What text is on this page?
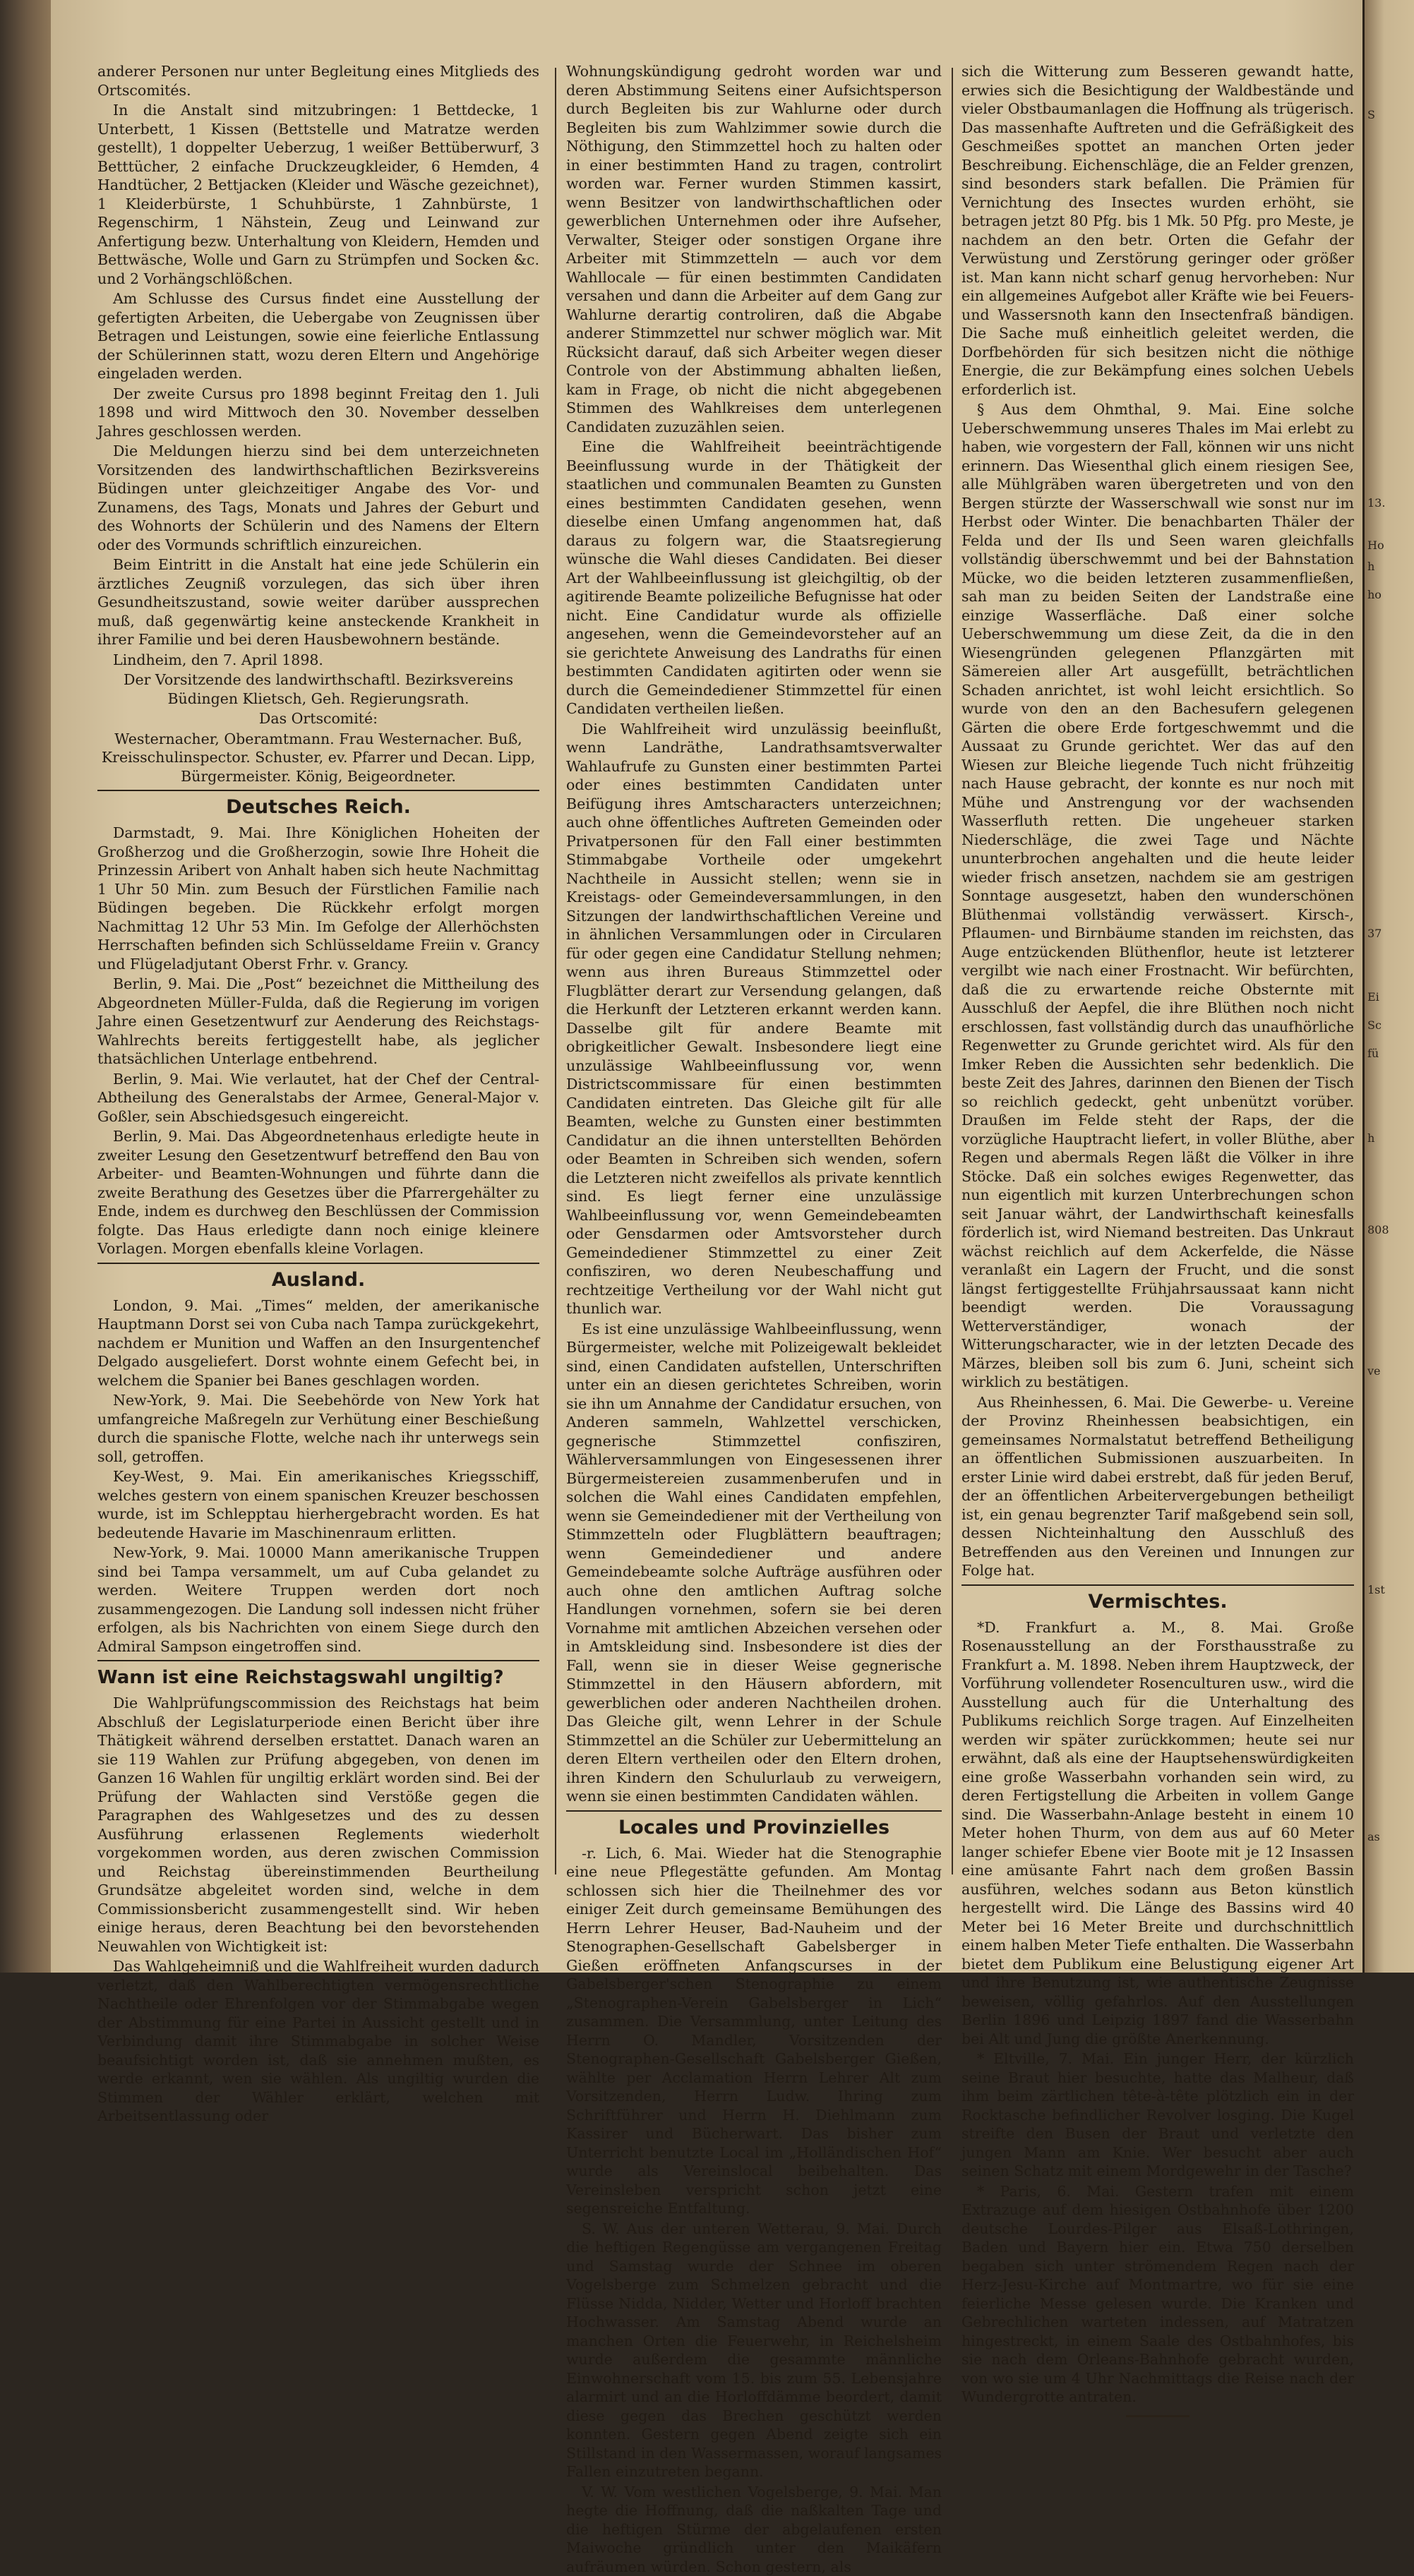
anderer Personen nur unter Begleitung eines Mitglieds des Ortscomités.

In die Anstalt sind mitzubringen: 1 Bettdecke, 1 Unterbett, 1 Kissen (Bettstelle und Matratze werden gestellt), 1 doppelter Ueberzug, 1 weißer Bettüberwurf, 3 Betttücher, 2 einfache Druckzeugkleider, 6 Hemden, 4 Handtücher, 2 Bettjacken (Kleider und Wäsche gezeichnet), 1 Kleiderbürste, 1 Schuhbürste, 1 Zahnbürste, 1 Regenschirm, 1 Nähstein, Zeug und Leinwand zur Anfertigung bezw. Unterhaltung von Kleidern, Hemden und Bettwäsche, Wolle und Garn zu Strümpfen und Socken &c. und 2 Vorhängschlößchen.

Am Schlusse des Cursus findet eine Ausstellung der gefertigten Arbeiten, die Uebergabe von Zeugnissen über Betragen und Leistungen, sowie eine feierliche Entlassung der Schülerinnen statt, wozu deren Eltern und Angehörige eingeladen werden.

Der zweite Cursus pro 1898 beginnt Freitag den 1. Juli 1898 und wird Mittwoch den 30. November desselben Jahres geschlossen werden.

Die Meldungen hierzu sind bei dem unterzeichneten Vorsitzenden des landwirthschaftlichen Bezirksvereins Büdingen unter gleichzeitiger Angabe des Vor- und Zunamens, des Tags, Monats und Jahres der Geburt und des Wohnorts der Schülerin und des Namens der Eltern oder des Vormunds schriftlich einzureichen.

Beim Eintritt in die Anstalt hat eine jede Schülerin ein ärztliches Zeugniß vorzulegen, das sich über ihren Gesundheitszustand, sowie weiter darüber aussprechen muß, daß gegenwärtig keine ansteckende Krankheit in ihrer Familie und bei deren Hausbewohnern bestände.

Lindheim, den 7. April 1898.

Der Vorsitzende des landwirthschaftl. Bezirksvereins Büdingen Klietsch, Geh. Regierungsrath.

Das Ortscomité:

Westernacher, Oberamtmann. Frau Westernacher. Buß, Kreisschulinspector. Schuster, ev. Pfarrer und Decan. Lipp, Bürgermeister. König, Beigeordneter.

Deutsches Reich.

Darmstadt, 9. Mai. Ihre Königlichen Hoheiten der Großherzog und die Großherzogin, sowie Ihre Hoheit die Prinzessin Aribert von Anhalt haben sich heute Nachmittag 1 Uhr 50 Min. zum Besuch der Fürstlichen Familie nach Büdingen begeben. Die Rückkehr erfolgt morgen Nachmittag 12 Uhr 53 Min. Im Gefolge der Allerhöchsten Herrschaften befinden sich Schlüsseldame Freiin v. Grancy und Flügeladjutant Oberst Frhr. v. Grancy.

Berlin, 9. Mai. Die „Post“ bezeichnet die Mittheilung des Abgeordneten Müller-Fulda, daß die Regierung im vorigen Jahre einen Gesetzentwurf zur Aenderung des Reichstags-Wahlrechts bereits fertiggestellt habe, als jeglicher thatsächlichen Unterlage entbehrend.

Berlin, 9. Mai. Wie verlautet, hat der Chef der Central-Abtheilung des Generalstabs der Armee, General-Major v. Goßler, sein Abschiedsgesuch eingereicht.

Berlin, 9. Mai. Das Abgeordnetenhaus erledigte heute in zweiter Lesung den Gesetzentwurf betreffend den Bau von Arbeiter- und Beamten-Wohnungen und führte dann die zweite Berathung des Gesetzes über die Pfarrergehälter zu Ende, indem es durchweg den Beschlüssen der Commission folgte. Das Haus erledigte dann noch einige kleinere Vorlagen. Morgen ebenfalls kleine Vorlagen.

Ausland.

London, 9. Mai. „Times“ melden, der amerikanische Hauptmann Dorst sei von Cuba nach Tampa zurückgekehrt, nachdem er Munition und Waffen an den Insurgentenchef Delgado ausgeliefert. Dorst wohnte einem Gefecht bei, in welchem die Spanier bei Banes geschlagen worden.

New-York, 9. Mai. Die Seebehörde von New York hat umfangreiche Maßregeln zur Verhütung einer Beschießung durch die spanische Flotte, welche nach ihr unterwegs sein soll, getroffen.

Key-West, 9. Mai. Ein amerikanisches Kriegsschiff, welches gestern von einem spanischen Kreuzer beschossen wurde, ist im Schlepptau hierhergebracht worden. Es hat bedeutende Havarie im Maschinenraum erlitten.

New-York, 9. Mai. 10000 Mann amerikanische Truppen sind bei Tampa versammelt, um auf Cuba gelandet zu werden. Weitere Truppen werden dort noch zusammengezogen. Die Landung soll indessen nicht früher erfolgen, als bis Nachrichten von einem Siege durch den Admiral Sampson eingetroffen sind.

Wann ist eine Reichstagswahl ungiltig?

Die Wahlprüfungscommission des Reichstags hat beim Abschluß der Legislaturperiode einen Bericht über ihre Thätigkeit während derselben erstattet. Danach waren an sie 119 Wahlen zur Prüfung abgegeben, von denen im Ganzen 16 Wahlen für ungiltig erklärt worden sind. Bei der Prüfung der Wahlacten sind Verstöße gegen die Paragraphen des Wahlgesetzes und des zu dessen Ausführung erlassenen Reglements wiederholt vorgekommen worden, aus deren zwischen Commission und Reichstag übereinstimmenden Beurtheilung Grundsätze abgeleitet worden sind, welche in dem Commissionsbericht zusammengestellt sind. Wir heben einige heraus, deren Beachtung bei den bevorstehenden Neuwahlen von Wichtigkeit ist:

Das Wahlgeheimniß und die Wahlfreiheit wurden dadurch verletzt, daß den Wahlberechtigten vermögensrechtliche Nachtheile oder Ehrenfolgen vor der Stimmabgabe wegen der Abstimmung für eine Partei in Aussicht gestellt und in Verbindung damit ihre Stimmabgabe in solcher Weise beaufsichtigt worden ist, daß sie annehmen mußten, es werde erkannt, wen sie wählen. Als ungiltig wurden die Stimmen der Wähler erklärt, welchen mit Arbeitsentlassung oder

Wohnungskündigung gedroht worden war und deren Abstimmung Seitens einer Aufsichtsperson durch Begleiten bis zur Wahlurne oder durch Begleiten bis zum Wahlzimmer sowie durch die Nöthigung, den Stimmzettel hoch zu halten oder in einer bestimmten Hand zu tragen, controlirt worden war. Ferner wurden Stimmen kassirt, wenn Besitzer von landwirthschaftlichen oder gewerblichen Unternehmen oder ihre Aufseher, Verwalter, Steiger oder sonstigen Organe ihre Arbeiter mit Stimmzetteln — auch vor dem Wahllocale — für einen bestimmten Candidaten versahen und dann die Arbeiter auf dem Gang zur Wahlurne derartig controliren, daß die Abgabe anderer Stimmzettel nur schwer möglich war. Mit Rücksicht darauf, daß sich Arbeiter wegen dieser Controle von der Abstimmung abhalten ließen, kam in Frage, ob nicht die nicht abgegebenen Stimmen des Wahlkreises dem unterlegenen Candidaten zuzuzählen seien.

Eine die Wahlfreiheit beeinträchtigende Beeinflussung wurde in der Thätigkeit der staatlichen und communalen Beamten zu Gunsten eines bestimmten Candidaten gesehen, wenn dieselbe einen Umfang angenommen hat, daß daraus zu folgern war, die Staatsregierung wünsche die Wahl dieses Candidaten. Bei dieser Art der Wahlbeeinflussung ist gleichgiltig, ob der agitirende Beamte polizeiliche Befugnisse hat oder nicht. Eine Candidatur wurde als offizielle angesehen, wenn die Gemeindevorsteher auf an sie gerichtete Anweisung des Landraths für einen bestimmten Candidaten agitirten oder wenn sie durch die Gemeindediener Stimmzettel für einen Candidaten vertheilen ließen.

Die Wahlfreiheit wird unzulässig beeinflußt, wenn Landräthe, Landrathsamtsverwalter Wahlaufrufe zu Gunsten einer bestimmten Partei oder eines bestimmten Candidaten unter Beifügung ihres Amtscharacters unterzeichnen; auch ohne öffentliches Auftreten Gemeinden oder Privatpersonen für den Fall einer bestimmten Stimmabgabe Vortheile oder umgekehrt Nachtheile in Aussicht stellen; wenn sie in Kreistags- oder Gemeindeversammlungen, in den Sitzungen der landwirthschaftlichen Vereine und in ähnlichen Versammlungen oder in Circularen für oder gegen eine Candidatur Stellung nehmen; wenn aus ihren Bureaus Stimmzettel oder Flugblätter derart zur Versendung gelangen, daß die Herkunft der Letzteren erkannt werden kann. Dasselbe gilt für andere Beamte mit obrigkeitlicher Gewalt. Insbesondere liegt eine unzulässige Wahlbeeinflussung vor, wenn Districtscommissare für einen bestimmten Candidaten eintreten. Das Gleiche gilt für alle Beamten, welche zu Gunsten einer bestimmten Candidatur an die ihnen unterstellten Behörden oder Beamten in Schreiben sich wenden, sofern die Letzteren nicht zweifellos als private kenntlich sind. Es liegt ferner eine unzulässige Wahlbeeinflussung vor, wenn Gemeindebeamten oder Gensdarmen oder Amtsvorsteher durch Gemeindediener Stimmzettel zu einer Zeit confisziren, wo deren Neubeschaffung und rechtzeitige Vertheilung vor der Wahl nicht gut thunlich war.

Es ist eine unzulässige Wahlbeeinflussung, wenn Bürgermeister, welche mit Polizeigewalt bekleidet sind, einen Candidaten aufstellen, Unterschriften unter ein an diesen gerichtetes Schreiben, worin sie ihn um Annahme der Candidatur ersuchen, von Anderen sammeln, Wahlzettel verschicken, gegnerische Stimmzettel confisziren, Wählerversammlungen von Eingesessenen ihrer Bürgermeistereien zusammenberufen und in solchen die Wahl eines Candidaten empfehlen, wenn sie Gemeindediener mit der Vertheilung von Stimmzetteln oder Flugblättern beauftragen; wenn Gemeindediener und andere Gemeindebeamte solche Aufträge ausführen oder auch ohne den amtlichen Auftrag solche Handlungen vornehmen, sofern sie bei deren Vornahme mit amtlichen Abzeichen versehen oder in Amtskleidung sind. Insbesondere ist dies der Fall, wenn sie in dieser Weise gegnerische Stimmzettel in den Häusern abfordern, mit gewerblichen oder anderen Nachtheilen drohen. Das Gleiche gilt, wenn Lehrer in der Schule Stimmzettel an die Schüler zur Uebermittelung an deren Eltern vertheilen oder den Eltern drohen, ihren Kindern den Schulurlaub zu verweigern, wenn sie einen bestimmten Candidaten wählen.

Locales und Provinzielles

-r. Lich, 6. Mai. Wieder hat die Stenographie eine neue Pflegestätte gefunden. Am Montag schlossen sich hier die Theilnehmer des vor einiger Zeit durch gemeinsame Bemühungen des Herrn Lehrer Heuser, Bad-Nauheim und der Stenographen-Gesellschaft Gabelsberger in Gießen eröffneten Anfangscurses in der Gabelsberger'schen Stenographie zu einem „Stenographen-Verein Gabelsberger in Lich“ zusammen. Die Versammlung, unter Leitung des Herrn O. Mandler, Vorsitzenden der Stenographen-Gesellschaft Gabelsberger Gießen, wählte per Acclamation Herrn Lehrer Alt zum Vorsitzenden, Herrn Ludw. Ihring zum Schriftführer und Herrn H. Diehlmann zum Kassirer und Bücherwart. Das bisher zum Unterricht benutzte Local im „Holländischen Hof“ wurde als Vereinslocal beibehalten. Das Vereinsleben verspricht schon jetzt eine segensreiche Entfaltung.

S. W. Aus der unteren Wetterau, 9. Mai. Durch die heftigen Regengüsse am vergangenen Freitag und Samstag wurde der Schnee im oberen Vogelsberge zum Schmelzen gebracht und die Flüsse Nidda, Nidder, Wetter und Horloff brachten Hochwasser. Am Samstag Abend wurde an manchen Orten die Feuerwehr, in Reichelsheim wurde außerdem die gesammte männliche Einwohnerschaft vom 15. bis zum 55. Lebensjahre alarmirt und an die Horloffdämme beordert, damit diese gegen das Brechen geschützt werden konnten. Gestern gegen Abend zeigte sich ein Stillstand in den Wassermassen, worauf langsames Fallen einzutreten begann.

V. W. Vom westlichen Vogelsberge, 9. Mai. Man hegte die Hoffnung, daß die naßkalten Tage und die heftigen Stürme der abgelaufenen ersten Maiwoche gründlich unter den Maikäfern aufräumen würden. Schon gestern, als

sich die Witterung zum Besseren gewandt hatte, erwies sich die Besichtigung der Waldbestände und vieler Obstbaumanlagen die Hoffnung als trügerisch. Das massenhafte Auftreten und die Gefräßigkeit des Geschmeißes spottet an manchen Orten jeder Beschreibung. Eichenschläge, die an Felder grenzen, sind besonders stark befallen. Die Prämien für Vernichtung des Insectes wurden erhöht, sie betragen jetzt 80 Pfg. bis 1 Mk. 50 Pfg. pro Meste, je nachdem an den betr. Orten die Gefahr der Verwüstung und Zerstörung geringer oder größer ist. Man kann nicht scharf genug hervorheben: Nur ein allgemeines Aufgebot aller Kräfte wie bei Feuers- und Wassersnoth kann den Insectenfraß bändigen. Die Sache muß einheitlich geleitet werden, die Dorfbehörden für sich besitzen nicht die nöthige Energie, die zur Bekämpfung eines solchen Uebels erforderlich ist.

§ Aus dem Ohmthal, 9. Mai. Eine solche Ueberschwemmung unseres Thales im Mai erlebt zu haben, wie vorgestern der Fall, können wir uns nicht erinnern. Das Wiesenthal glich einem riesigen See, alle Mühlgräben waren übergetreten und von den Bergen stürzte der Wasserschwall wie sonst nur im Herbst oder Winter. Die benachbarten Thäler der Felda und der Ils und Seen waren gleichfalls vollständig überschwemmt und bei der Bahnstation Mücke, wo die beiden letzteren zusammenfließen, sah man zu beiden Seiten der Landstraße eine einzige Wasserfläche. Daß einer solche Ueberschwemmung um diese Zeit, da die in den Wiesengründen gelegenen Pflanzgärten mit Sämereien aller Art ausgefüllt, beträchtlichen Schaden anrichtet, ist wohl leicht ersichtlich. So wurde von den an den Bachesufern gelegenen Gärten die obere Erde fortgeschwemmt und die Aussaat zu Grunde gerichtet. Wer das auf den Wiesen zur Bleiche liegende Tuch nicht frühzeitig nach Hause gebracht, der konnte es nur noch mit Mühe und Anstrengung vor der wachsenden Wasserfluth retten. Die ungeheuer starken Niederschläge, die zwei Tage und Nächte ununterbrochen angehalten und die heute leider wieder frisch ansetzen, nachdem sie am gestrigen Sonntage ausgesetzt, haben den wunderschönen Blüthenmai vollständig verwässert. Kirsch-, Pflaumen- und Birnbäume standen im reichsten, das Auge entzückenden Blüthenflor, heute ist letzterer vergilbt wie nach einer Frostnacht. Wir befürchten, daß die zu erwartende reiche Obsternte mit Ausschluß der Aepfel, die ihre Blüthen noch nicht erschlossen, fast vollständig durch das unaufhörliche Regenwetter zu Grunde gerichtet wird. Als für den Imker Reben die Aussichten sehr bedenklich. Die beste Zeit des Jahres, darinnen den Bienen der Tisch so reichlich gedeckt, geht unbenützt vorüber. Draußen im Felde steht der Raps, der die vorzügliche Hauptracht liefert, in voller Blüthe, aber Regen und abermals Regen läßt die Völker in ihre Stöcke. Daß ein solches ewiges Regenwetter, das nun eigentlich mit kurzen Unterbrechungen schon seit Januar währt, der Landwirthschaft keinesfalls förderlich ist, wird Niemand bestreiten. Das Unkraut wächst reichlich auf dem Ackerfelde, die Nässe veranlaßt ein Lagern der Frucht, und die sonst längst fertiggestellte Frühjahrsaussaat kann nicht beendigt werden. Die Voraussagung Wetterverständiger, wonach der Witterungscharacter, wie in der letzten Decade des Märzes, bleiben soll bis zum 6. Juni, scheint sich wirklich zu bestätigen.

Aus Rheinhessen, 6. Mai. Die Gewerbe- u. Vereine der Provinz Rheinhessen beabsichtigen, ein gemeinsames Normalstatut betreffend Betheiligung an öffentlichen Submissionen auszuarbeiten. In erster Linie wird dabei erstrebt, daß für jeden Beruf, der an öffentlichen Arbeitervergebungen betheiligt ist, ein genau begrenzter Tarif maßgebend sein soll, dessen Nichteinhaltung den Ausschluß des Betreffenden aus den Vereinen und Innungen zur Folge hat.

Vermischtes.

*D. Frankfurt a. M., 8. Mai. Große Rosenausstellung an der Forsthausstraße zu Frankfurt a. M. 1898. Neben ihrem Hauptzweck, der Vorführung vollendeter Rosenculturen usw., wird die Ausstellung auch für die Unterhaltung des Publikums reichlich Sorge tragen. Auf Einzelheiten werden wir später zurückkommen; heute sei nur erwähnt, daß als eine der Hauptsehenswürdigkeiten eine große Wasserbahn vorhanden sein wird, zu deren Fertigstellung die Arbeiten in vollem Gange sind. Die Wasserbahn-Anlage besteht in einem 10 Meter hohen Thurm, von dem aus auf 60 Meter langer schiefer Ebene vier Boote mit je 12 Insassen eine amüsante Fahrt nach dem großen Bassin ausführen, welches sodann aus Beton künstlich hergestellt wird. Die Länge des Bassins wird 40 Meter bei 16 Meter Breite und durchschnittlich einem halben Meter Tiefe enthalten. Die Wasserbahn bietet dem Publikum eine Belustigung eigener Art und ihre Benutzung ist, wie authentische Zeugnisse beweisen, völlig gefahrlos. Auf den Ausstellungen Berlin 1896 und Leipzig 1897 fand die Wasserbahn bei Alt und Jung die größte Anerkennung.

* Eltville, 7. Mai. Ein junger Herr, der kürzlich seine Braut hier besuchte, hatte das Malheur, daß ihm beim zärtlichen tête-à-tête plötzlich ein in der Rocktasche befindlicher Revolver losging. Die Kugel streifte den Busen der Braut und verletzte den jungen Mann am Knie. Wer besucht aber auch seinen Schatz mit einem Mordgewehr in der Tasche?

* Paris, 6. Mai. Gestern trafen mit einem Extrazuge auf dem hiesigen Ostbahnhofe über 1200 deutsche Lourdes-Pilger aus Elsaß-Lothringen, Baden und Bayern hier ein. Etwa 750 derselben begaben sich unter strömendem Regen nach der Herz-Jesu-Kirche auf Montmartre, wo für sie eine feierliche Messe gelesen wurde. Die Kranken und Gebrechlichen warteten indessen, auf Matratzen hingestreckt, in einem Saale des Ostbahnhofes, bis sie nach dem Orleans-Bahnhofe gebracht wurden, von wo sie um 4 Uhr Nachmittags die Reise nach der Wundergrotte antraten.

S
13.
Ho
h
ho
37
Ei
Sc
fü
h
808
ve
1st
as
